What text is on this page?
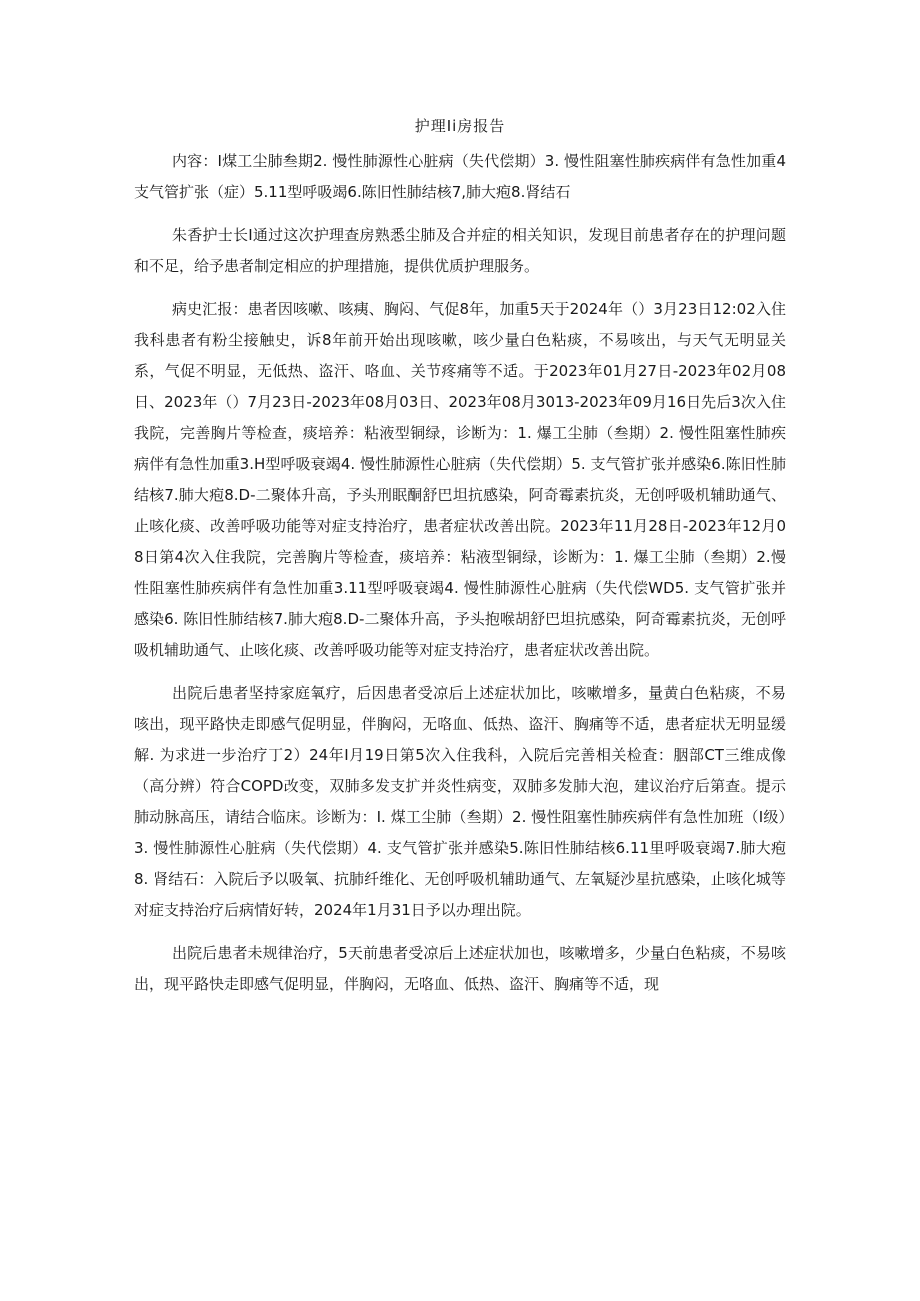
护理Ii房报告

内容：I煤工尘肺叁期2. 慢性肺源性心脏病（失代偿期）3. 慢性阻塞性肺疾病伴有急性加重4支气管扩张（症）5.11型呼吸竭6.陈旧性肺结核7,肺大疱8.肾结石

朱香护士长I通过这次护理查房熟悉尘肺及合并症的相关知识，发现目前患者存在的护理问题和不足，给予患者制定相应的护理措施，提供优质护理服务。

病史汇报：患者因咳嗽、咳痍、胸闷、气促8年，加重5天于2024年（）3月23日12:02入住我科患者有粉尘接触史，诉8年前开始出现咳嗽，咳少量白色粘痰，不易咳出，与天气无明显关系，气促不明显，无低热、盗汗、咯血、关节疼痛等不适。于2023年01月27日-2023年02月08日、2023年（）7月23日-2023年08月03日、2023年08月3013-2023年09月16日先后3次入住我院，完善胸片等检查，痰培养：粘液型铜绿，诊断为：1. 爆工尘肺（叁期）2. 慢性阻塞性肺疾病伴有急性加重3.H型呼吸衰竭4. 慢性肺源性心脏病（失代偿期）5. 支气管扩张并感染6.陈旧性肺结核7.肺大疱8.D-二聚体升高，予头刑眠酮舒巴坦抗感染，阿奇霉素抗炎，无创呼吸机辅助通气、止咳化痰、改善呼吸功能等对症支持治疗，患者症状改善出院。2023年11月28日-2023年12月08日第4次入住我院，完善胸片等检查，痰培养：粘液型铜绿，诊断为：1. 爆工尘肺（叁期）2.慢性阻塞性肺疾病伴有急性加重3.11型呼吸衰竭4. 慢性肺源性心脏病（失代偿WD5. 支气管扩张并感染6. 陈旧性肺结核7.肺大疱8.D-二聚体升高，予头抱喉胡舒巴坦抗感染，阿奇霉素抗炎，无创呼吸机辅助通气、止咳化痰、改善呼吸功能等对症支持治疗，患者症状改善出院。

出院后患者坚持家庭氧疗，后因患者受凉后上述症状加比，咳嗽增多，量黄白色粘痰，不易咳出，现平路快走即感气促明显，伴胸闷，无咯血、低热、盗汗、胸痛等不适，患者症状无明显缓解. 为求进一步治疗丁2）24年I月19日第5次入住我科，入院后完善相关检査：胭部CT三维成像（高分辨）符合COPD改变，双肺多发支扩并炎性病变，双肺多发肺大泡，建议治疗后第查。提示肺动脉高压，请结合临床。诊断为：I. 煤工尘肺（叁期）2. 慢性阻塞性肺疾病伴有急性加班（I级）3. 慢性肺源性心脏病（失代偿期）4. 支气管扩张并感染5.陈旧性肺结核6.11里呼吸衰竭7.肺大疱8. 肾结石：入院后予以吸氧、抗肺纤维化、无创呼吸机辅助通气、左氧疑沙星抗感染，止咳化城等对症支持治疗后病情好转，2024年1月31日予以办理出院。

出院后患者未规律治疗，5天前患者受凉后上述症状加也，咳嗽增多，少量白色粘痰，不易咳出，现平路快走即感气促明显，伴胸闷，无咯血、低热、盗汗、胸痛等不适，现
